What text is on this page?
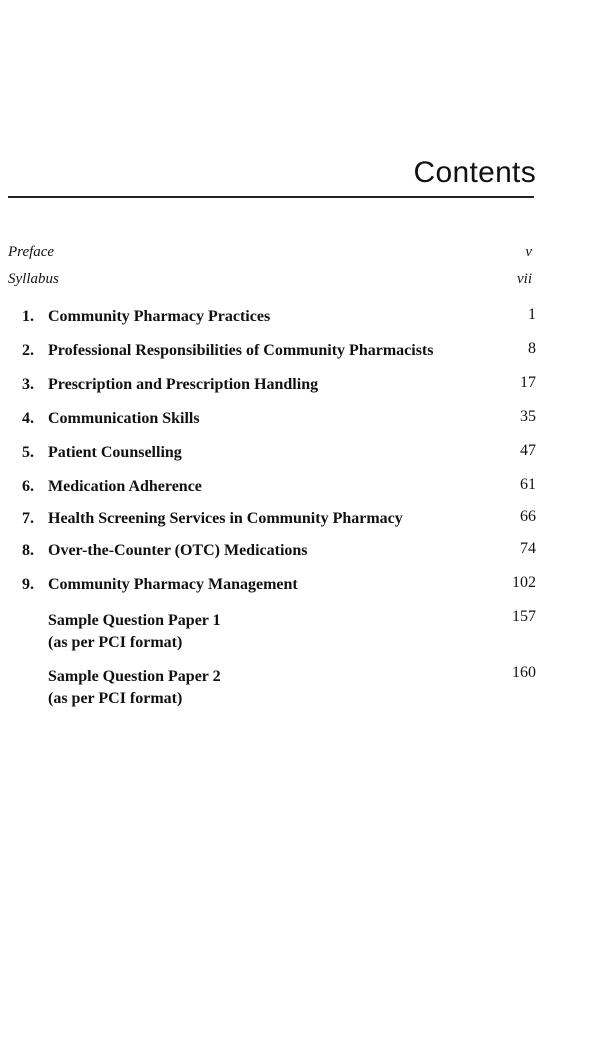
Contents
Preface	v
Syllabus	vii
1. Community Pharmacy Practices	1
2. Professional Responsibilities of Community Pharmacists	8
3. Prescription and Prescription Handling	17
4. Communication Skills	35
5. Patient Counselling	47
6. Medication Adherence	61
7. Health Screening Services in Community Pharmacy	66
8. Over-the-Counter (OTC) Medications	74
9. Community Pharmacy Management	102
Sample Question Paper 1
(as per PCI format)
157
Sample Question Paper 2
(as per PCI format)
160
